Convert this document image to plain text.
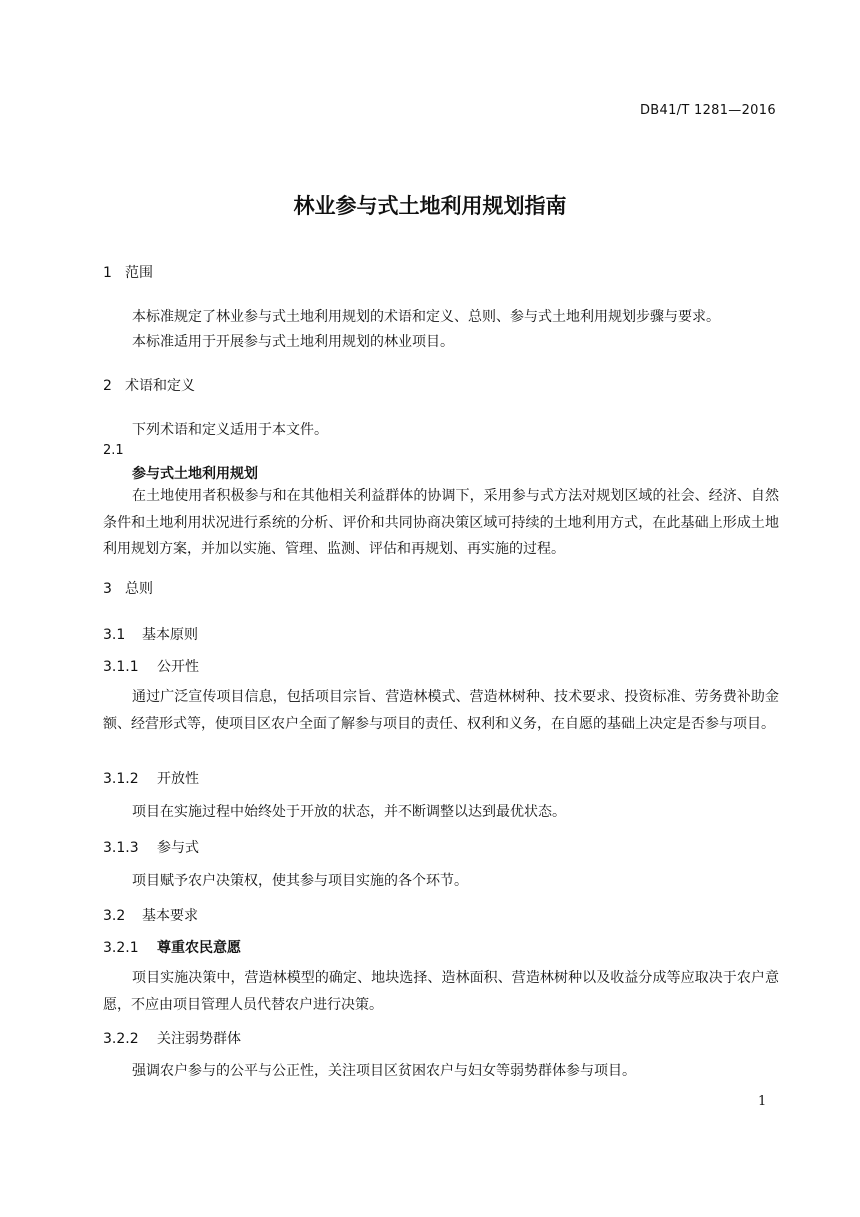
DB41/T 1281—2016
林业参与式土地利用规划指南
1 范围
本标准规定了林业参与式土地利用规划的术语和定义、总则、参与式土地利用规划步骤与要求。
本标准适用于开展参与式土地利用规划的林业项目。
2 术语和定义
下列术语和定义适用于本文件。
2.1
参与式土地利用规划

在土地使用者积极参与和在其他相关利益群体的协调下，采用参与式方法对规划区域的社会、经济、自然条件和土地利用状况进行系统的分析、评价和共同协商决策区域可持续的土地利用方式，在此基础上形成土地利用规划方案，并加以实施、管理、监测、评估和再规划、再实施的过程。

3 总则
3.1 基本原则
3.1.1 公开性

通过广泛宣传项目信息，包括项目宗旨、营造林模式、营造林树种、技术要求、投资标准、劳务费补助金额、经营形式等，使项目区农户全面了解参与项目的责任、权利和义务，在自愿的基础上决定是否参与项目。

3.1.2 开放性
项目在实施过程中始终处于开放的状态，并不断调整以达到最优状态。
3.1.3 参与式
项目赋予农户决策权，使其参与项目实施的各个环节。
3.2 基本要求
3.2.1 尊重农民意愿

项目实施决策中，营造林模型的确定、地块选择、造林面积、营造林树种以及收益分成等应取决于农户意愿，不应由项目管理人员代替农户进行决策。

3.2.2 关注弱势群体
强调农户参与的公平与公正性，关注项目区贫困农户与妇女等弱势群体参与项目。
1
